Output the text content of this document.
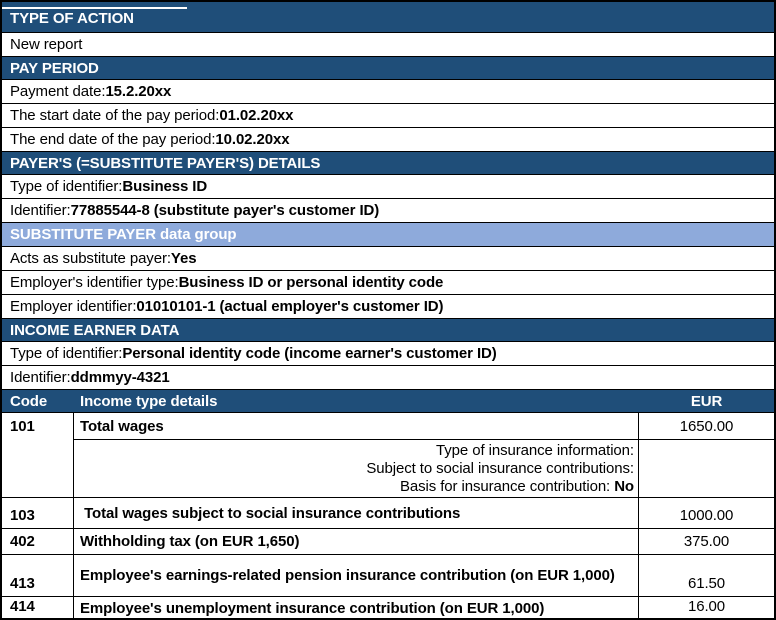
TYPE OF ACTION
New report
PAY PERIOD
Payment date: 15.2.20xx
The start date of the pay period: 01.02.20xx
The end date of the pay period: 10.02.20xx
PAYER'S (=SUBSTITUTE PAYER'S) DETAILS
Type of identifier: Business ID
Identifier: 77885544-8 (substitute payer's customer ID)
SUBSTITUTE PAYER data group
Acts as substitute payer: Yes
Employer's identifier type: Business ID or personal identity code
Employer identifier: 01010101-1 (actual employer's customer ID)
INCOME EARNER DATA
Type of identifier: Personal identity code (income earner's customer ID)
Identifier: ddmmyy-4321
Code	Income type details	EUR
101	Total wages	1650.00
Type of insurance information:
Subject to social insurance contributions:
Basis for insurance contribution: No
103	Total wages subject to social insurance contributions	1000.00
402	Withholding tax (on EUR 1,650)	375.00
413	Employee's earnings-related pension insurance contribution (on EUR 1,000)	61.50
414	Employee's unemployment insurance contribution (on EUR 1,000)	16.00
